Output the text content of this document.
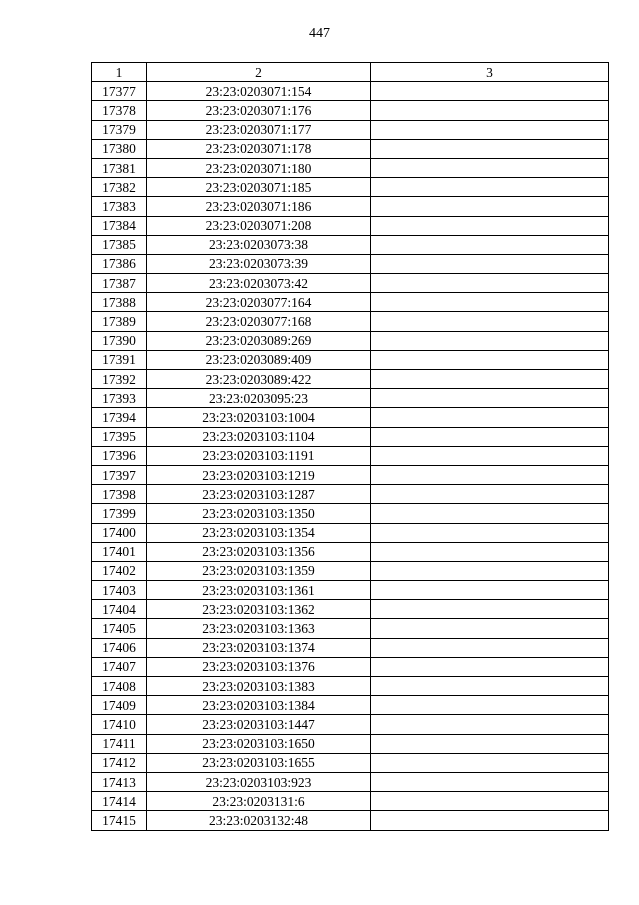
447
1	2	3
17377	23:23:0203071:154	
17378	23:23:0203071:176	
17379	23:23:0203071:177	
17380	23:23:0203071:178	
17381	23:23:0203071:180	
17382	23:23:0203071:185	
17383	23:23:0203071:186	
17384	23:23:0203071:208	
17385	23:23:0203073:38	
17386	23:23:0203073:39	
17387	23:23:0203073:42	
17388	23:23:0203077:164	
17389	23:23:0203077:168	
17390	23:23:0203089:269	
17391	23:23:0203089:409	
17392	23:23:0203089:422	
17393	23:23:0203095:23	
17394	23:23:0203103:1004	
17395	23:23:0203103:1104	
17396	23:23:0203103:1191	
17397	23:23:0203103:1219	
17398	23:23:0203103:1287	
17399	23:23:0203103:1350	
17400	23:23:0203103:1354	
17401	23:23:0203103:1356	
17402	23:23:0203103:1359	
17403	23:23:0203103:1361	
17404	23:23:0203103:1362	
17405	23:23:0203103:1363	
17406	23:23:0203103:1374	
17407	23:23:0203103:1376	
17408	23:23:0203103:1383	
17409	23:23:0203103:1384	
17410	23:23:0203103:1447	
17411	23:23:0203103:1650	
17412	23:23:0203103:1655	
17413	23:23:0203103:923	
17414	23:23:0203131:6	
17415	23:23:0203132:48	
